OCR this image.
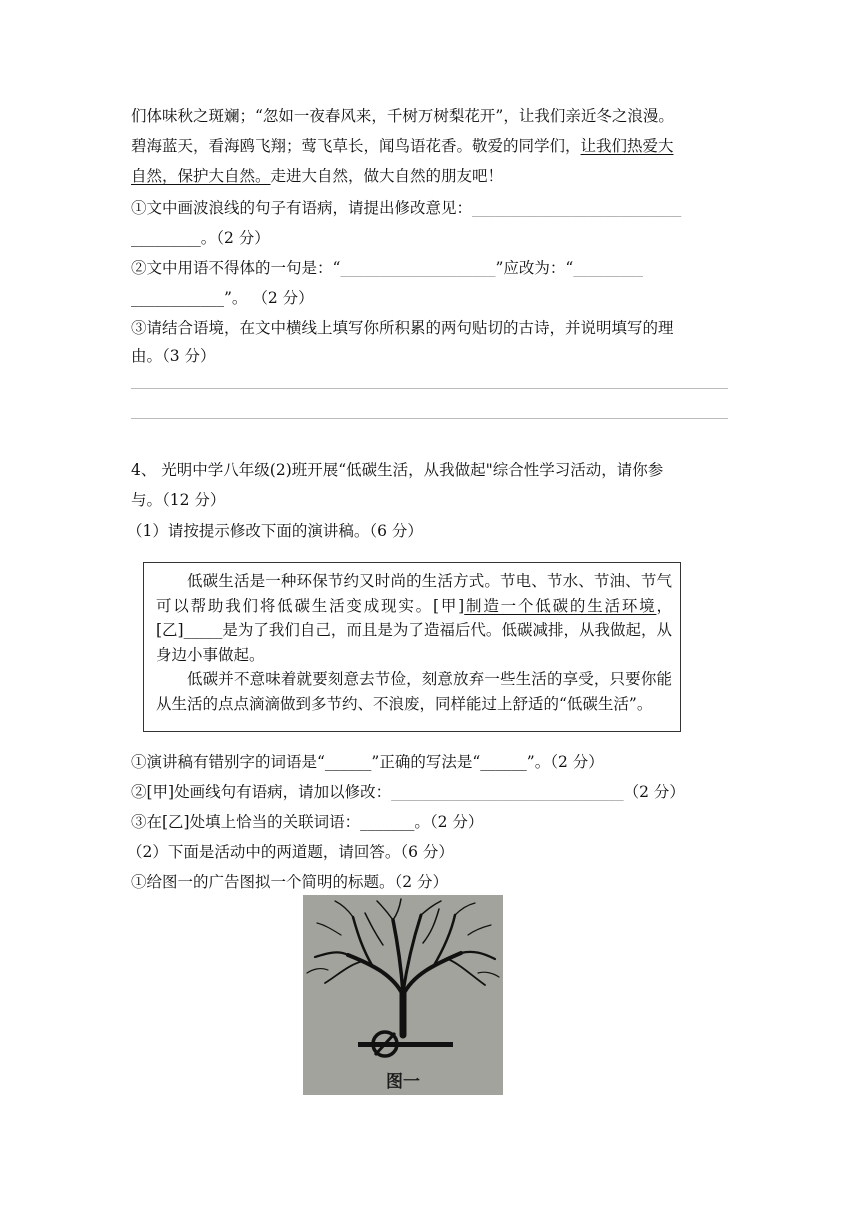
们体味秋之斑斓；“忽如一夜春风来，千树万树梨花开”，让我们亲近冬之浪漫。
碧海蓝天，看海鸥飞翔；莺飞草长，闻鸟语花香。敬爱的同学们，让我们热爱大
自然，保护大自然。走进大自然，做大自然的朋友吧！
①文中画波浪线的句子有语病，请提出修改意见：___________________________
_________。（2 分）
②文中用语不得体的一句是：“____________________”应改为：“_________
____________”。 （2 分）
③请结合语境，在文中横线上填写你所积累的两句贴切的古诗，并说明填写的理
由。（3 分）
4、 光明中学八年级(2)班开展“低碳生活，从我做起"综合性学习活动，请你参
与。（12 分）
（1）请按提示修改下面的演讲稿。（6 分）

低碳生活是一种环保节约又时尚的生活方式。节电、节水、节油、节气可以帮助我们将低碳生活变成现实。[甲]制造一个低碳的生活环境，[乙]_____是为了我们自己，而且是为了造福后代。低碳减排，从我做起，从身边小事做起。

低碳并不意味着就要刻意去节俭，刻意放弃一些生活的享受，只要你能从生活的点点滴滴做到多节约、不浪废，同样能过上舒适的“低碳生活”。

①演讲稿有错别字的词语是“______”正确的写法是“______”。（2 分）
②[甲]处画线句有语病，请加以修改：______________________________（2 分）
③在[乙]处填上恰当的关联词语：_______。（2 分）
（2）下面是活动中的两道题，请回答。（6 分）
①给图一的广告图拟一个简明的标题。（2 分）
图一
